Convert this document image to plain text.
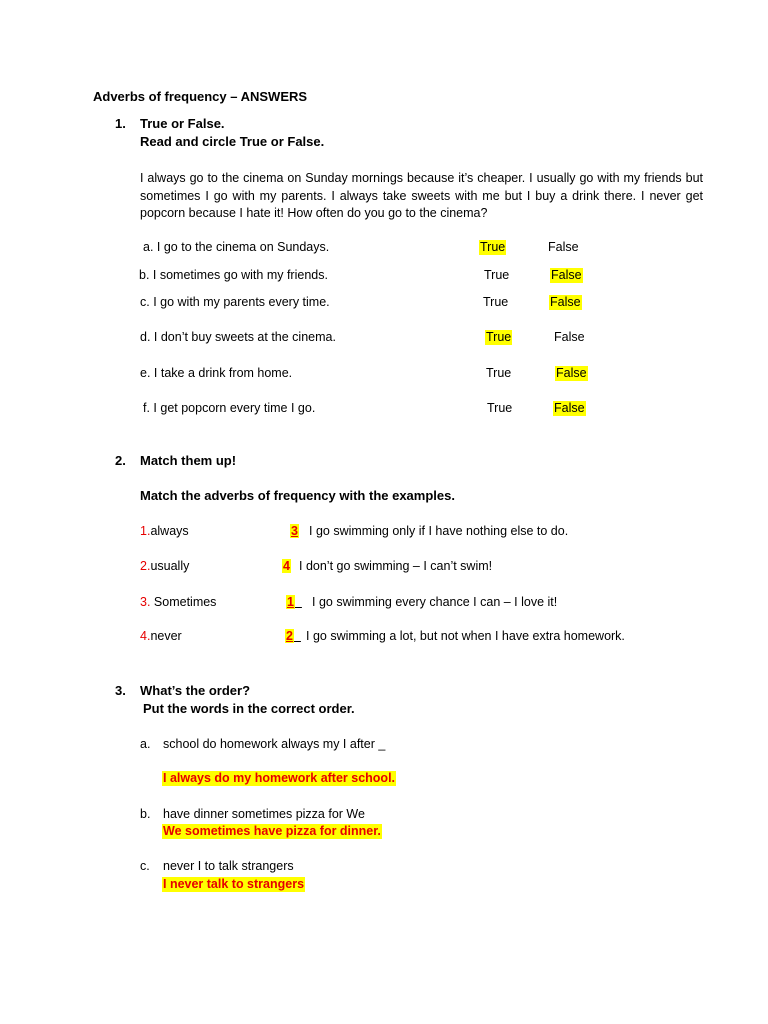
Adverbs of frequency – ANSWERS
1. True or False.
Read and circle True or False.
I always go to the cinema on Sunday mornings because it’s cheaper. I usually go with my friends but sometimes I go with my parents. I always take sweets with me but I buy a drink there. I never get popcorn because I hate it! How often do you go to the cinema?
a. I go to the cinema on Sundays.	True	False
b. I sometimes go with my friends.	True	False
c. I go with my parents every time.	True	False
d. I don’t buy sweets at the cinema.	True	False
e. I take a drink from home.	True	False
f. I get popcorn every time I go.	True	False
2. Match them up!
Match the adverbs of frequency with the examples.
1.always	3 I go swimming only if I have nothing else to do.
2.usually	4 I don’t go swimming – I can’t swim!
3. Sometimes	1	I go swimming every chance I can – I love it!
4.never	2	I go swimming a lot, but not when I have extra homework.
3. What’s the order?
Put the words in the correct order.
a. school do homework always my I after _
I always do my homework after school.
b. have dinner sometimes pizza for We
We sometimes have pizza for dinner.
c. never I to talk strangers
I never talk to strangers
